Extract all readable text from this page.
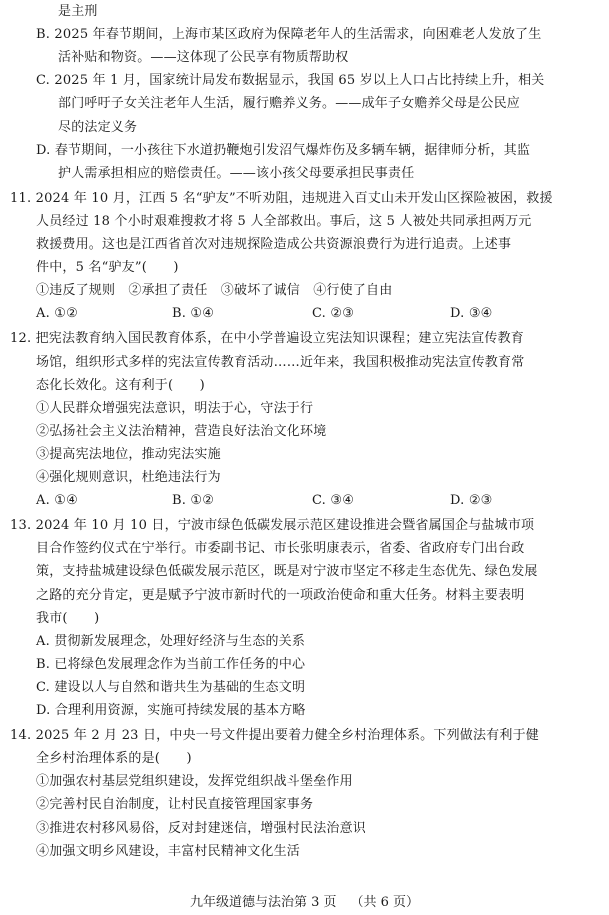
是主刑
B. 2025 年春节期间，上海市某区政府为保障老年人的生活需求，向困难老人发放了生
活补贴和物资。——这体现了公民享有物质帮助权
C. 2025 年 1 月，国家统计局发布数据显示，我国 65 岁以上人口占比持续上升，相关
部门呼吁子女关注老年人生活，履行赡养义务。——成年子女赡养父母是公民应
尽的法定义务
D. 春节期间，一小孩往下水道扔鞭炮引发沼气爆炸伤及多辆车辆，据律师分析，其监
护人需承担相应的赔偿责任。——该小孩父母要承担民事责任
11. 2024 年 10 月，江西 5 名“驴友”不听劝阻，违规进入百丈山未开发山区探险被困，救援
人员经过 18 个小时艰难搜救才将 5 人全部救出。事后，这 5 人被处共同承担两万元
救援费用。这也是江西省首次对违规探险造成公共资源浪费行为进行追责。上述事
件中，5 名“驴友”(　　)
①违反了规则　②承担了责任　③破坏了诚信　④行使了自由
A. ①②	B. ①④	C. ②③	D. ③④
12. 把宪法教育纳入国民教育体系，在中小学普遍设立宪法知识课程；建立宪法宣传教育
场馆，组织形式多样的宪法宣传教育活动……近年来，我国积极推动宪法宣传教育常
态化长效化。这有利于(　　)
①人民群众增强宪法意识，明法于心，守法于行
②弘扬社会主义法治精神，营造良好法治文化环境
③提高宪法地位，推动宪法实施
④强化规则意识，杜绝违法行为
A. ①④	B. ①②	C. ③④	D. ②③
13. 2024 年 10 月 10 日，宁波市绿色低碳发展示范区建设推进会暨省属国企与盐城市项
目合作签约仪式在宁举行。市委副书记、市长张明康表示，省委、省政府专门出台政
策，支持盐城建设绿色低碳发展示范区，既是对宁波市坚定不移走生态优先、绿色发展
之路的充分肯定，更是赋予宁波市新时代的一项政治使命和重大任务。材料主要表明
我市(　　)
A. 贯彻新发展理念，处理好经济与生态的关系
B. 已将绿色发展理念作为当前工作任务的中心
C. 建设以人与自然和谐共生为基础的生态文明
D. 合理利用资源，实施可持续发展的基本方略
14. 2025 年 2 月 23 日，中央一号文件提出要着力健全乡村治理体系。下列做法有利于健
全乡村治理体系的是(　　)
①加强农村基层党组织建设，发挥党组织战斗堡垒作用
②完善村民自治制度，让村民直接管理国家事务
③推进农村移风易俗，反对封建迷信，增强村民法治意识
④加强文明乡风建设，丰富村民精神文化生活
九年级道德与法治第 3 页 （共 6 页）
